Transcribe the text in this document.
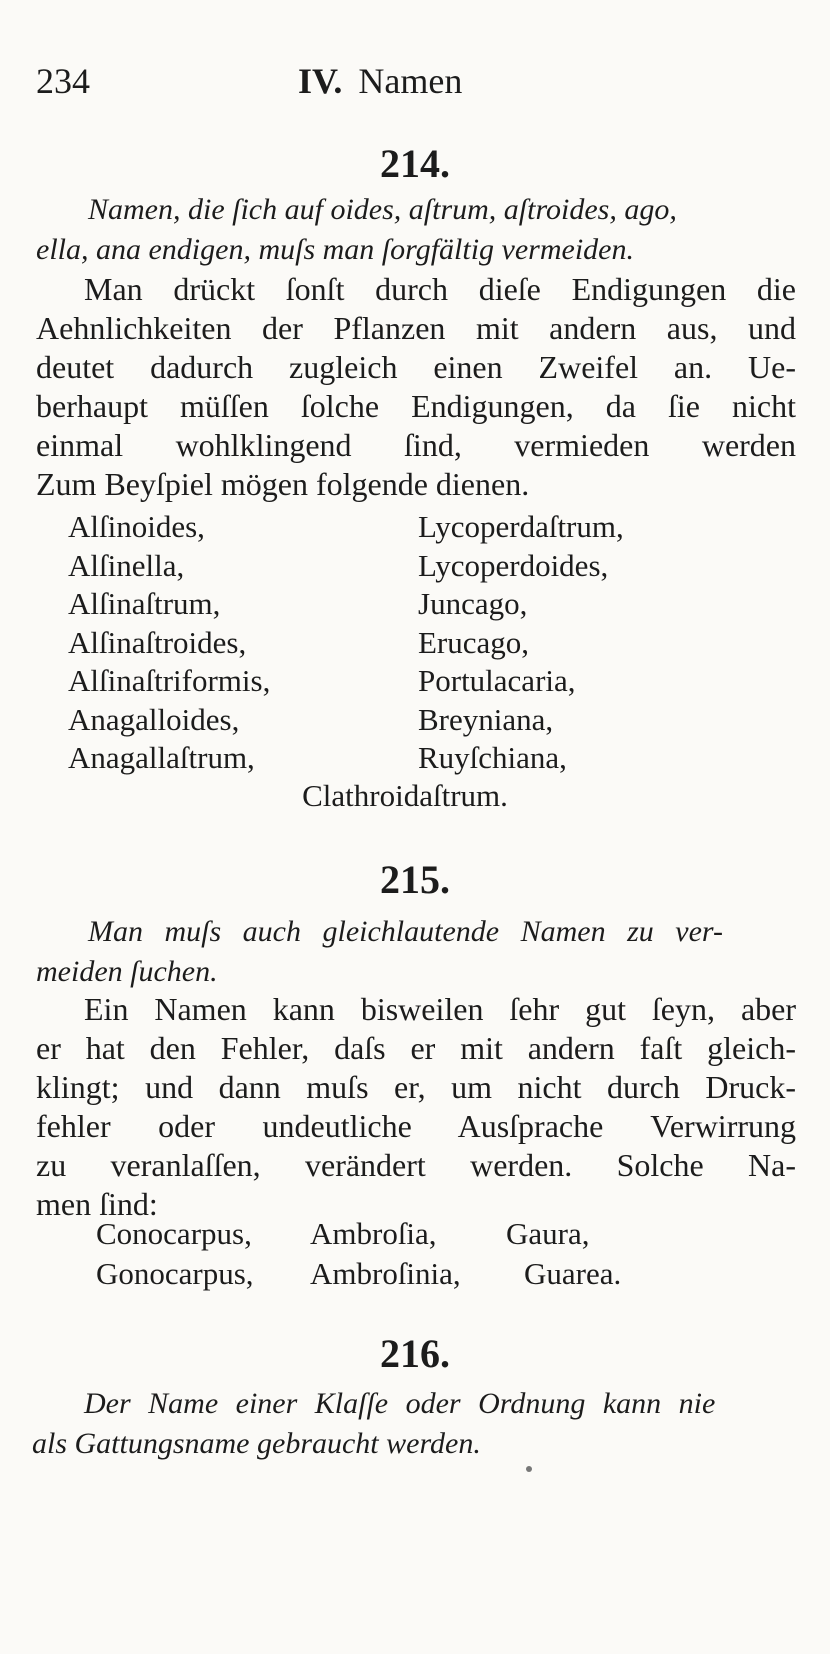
234	IV. Namen
214.
Namen, die ſich auf oides, aſtrum, aſtroides, ago,
ella, ana endigen, muſs man ſorgfältig vermeiden.
Man drückt ſonſt durch dieſe Endigungen die
Aehnlichkeiten der Pflanzen mit andern aus, und
deutet dadurch zugleich einen Zweifel an. Ue-
berhaupt müſſen ſolche Endigungen, da ſie nicht
einmal wohlklingend ſind, vermieden werden
Zum Beyſpiel mögen folgende dienen.
Alſinoides,
Alſinella,
Alſinaſtrum,
Alſinaſtroides,
Alſinaſtriformis,
Anagalloides,
Anagallaſtrum,
Lycoperdaſtrum,
Lycoperdoides,
Juncago,
Erucago,
Portulacaria,
Breyniana,
Ruyſchiana,
Clathroidaſtrum.
215.
Man muſs auch gleichlautende Namen zu ver-
meiden ſuchen.
Ein Namen kann bisweilen ſehr gut ſeyn, aber
er hat den Fehler, daſs er mit andern faſt gleich-
klingt; und dann muſs er, um nicht durch Druck-
fehler oder undeutliche Ausſprache Verwirrung
zu veranlaſſen, verändert werden. Solche Na-
men ſind:
Conocarpus, Ambroſia, Gaura,
Gonocarpus, Ambroſinia, Guarea.
216.
Der Name einer Klaſſe oder Ordnung kann nie
als Gattungsname gebraucht werden.
